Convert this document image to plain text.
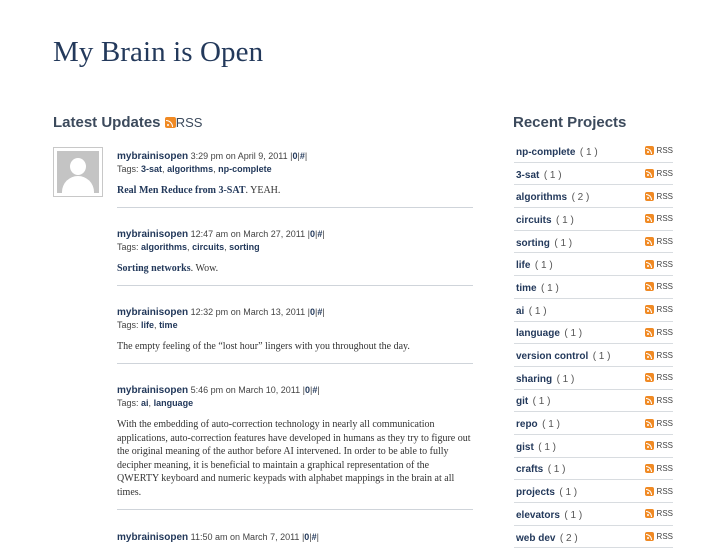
My Brain is Open
Latest Updates RSS	Recent Projects
mybrainisopen 3:29 pm on April 9, 2011 |0|#|
Tags: 3-sat, algorithms, np-complete
Real Men Reduce from 3-SAT. YEAH.
mybrainisopen 12:47 am on March 27, 2011 |0|#|
Tags: algorithms, circuits, sorting
Sorting networks. Wow.
mybrainisopen 12:32 pm on March 13, 2011 |0|#|
Tags: life, time
The empty feeling of the “lost hour” lingers with you throughout the day.
mybrainisopen 5:46 pm on March 10, 2011 |0|#|
Tags: ai, language
With the embedding of auto-correction technology in nearly all communication applications, auto-correction features have developed in humans as they try to figure out the original meaning of the author before AI intervened. In order to be able to fully decipher meaning, it is beneficial to maintain a graphical representation of the QWERTY keyboard and numeric keypads with alphabet mappings in the brain at all times.
mybrainisopen 11:50 am on March 7, 2011 |0|#|
np-complete ( 1 )	RSS
3-sat ( 1 )	RSS
algorithms ( 2 )	RSS
circuits ( 1 )	RSS
sorting ( 1 )	RSS
life ( 1 )	RSS
time ( 1 )	RSS
ai ( 1 )	RSS
language ( 1 )	RSS
version control ( 1 )	RSS
sharing ( 1 )	RSS
git ( 1 )	RSS
repo ( 1 )	RSS
gist ( 1 )	RSS
crafts ( 1 )	RSS
projects ( 1 )	RSS
elevators ( 1 )	RSS
web dev ( 2 )	RSS
